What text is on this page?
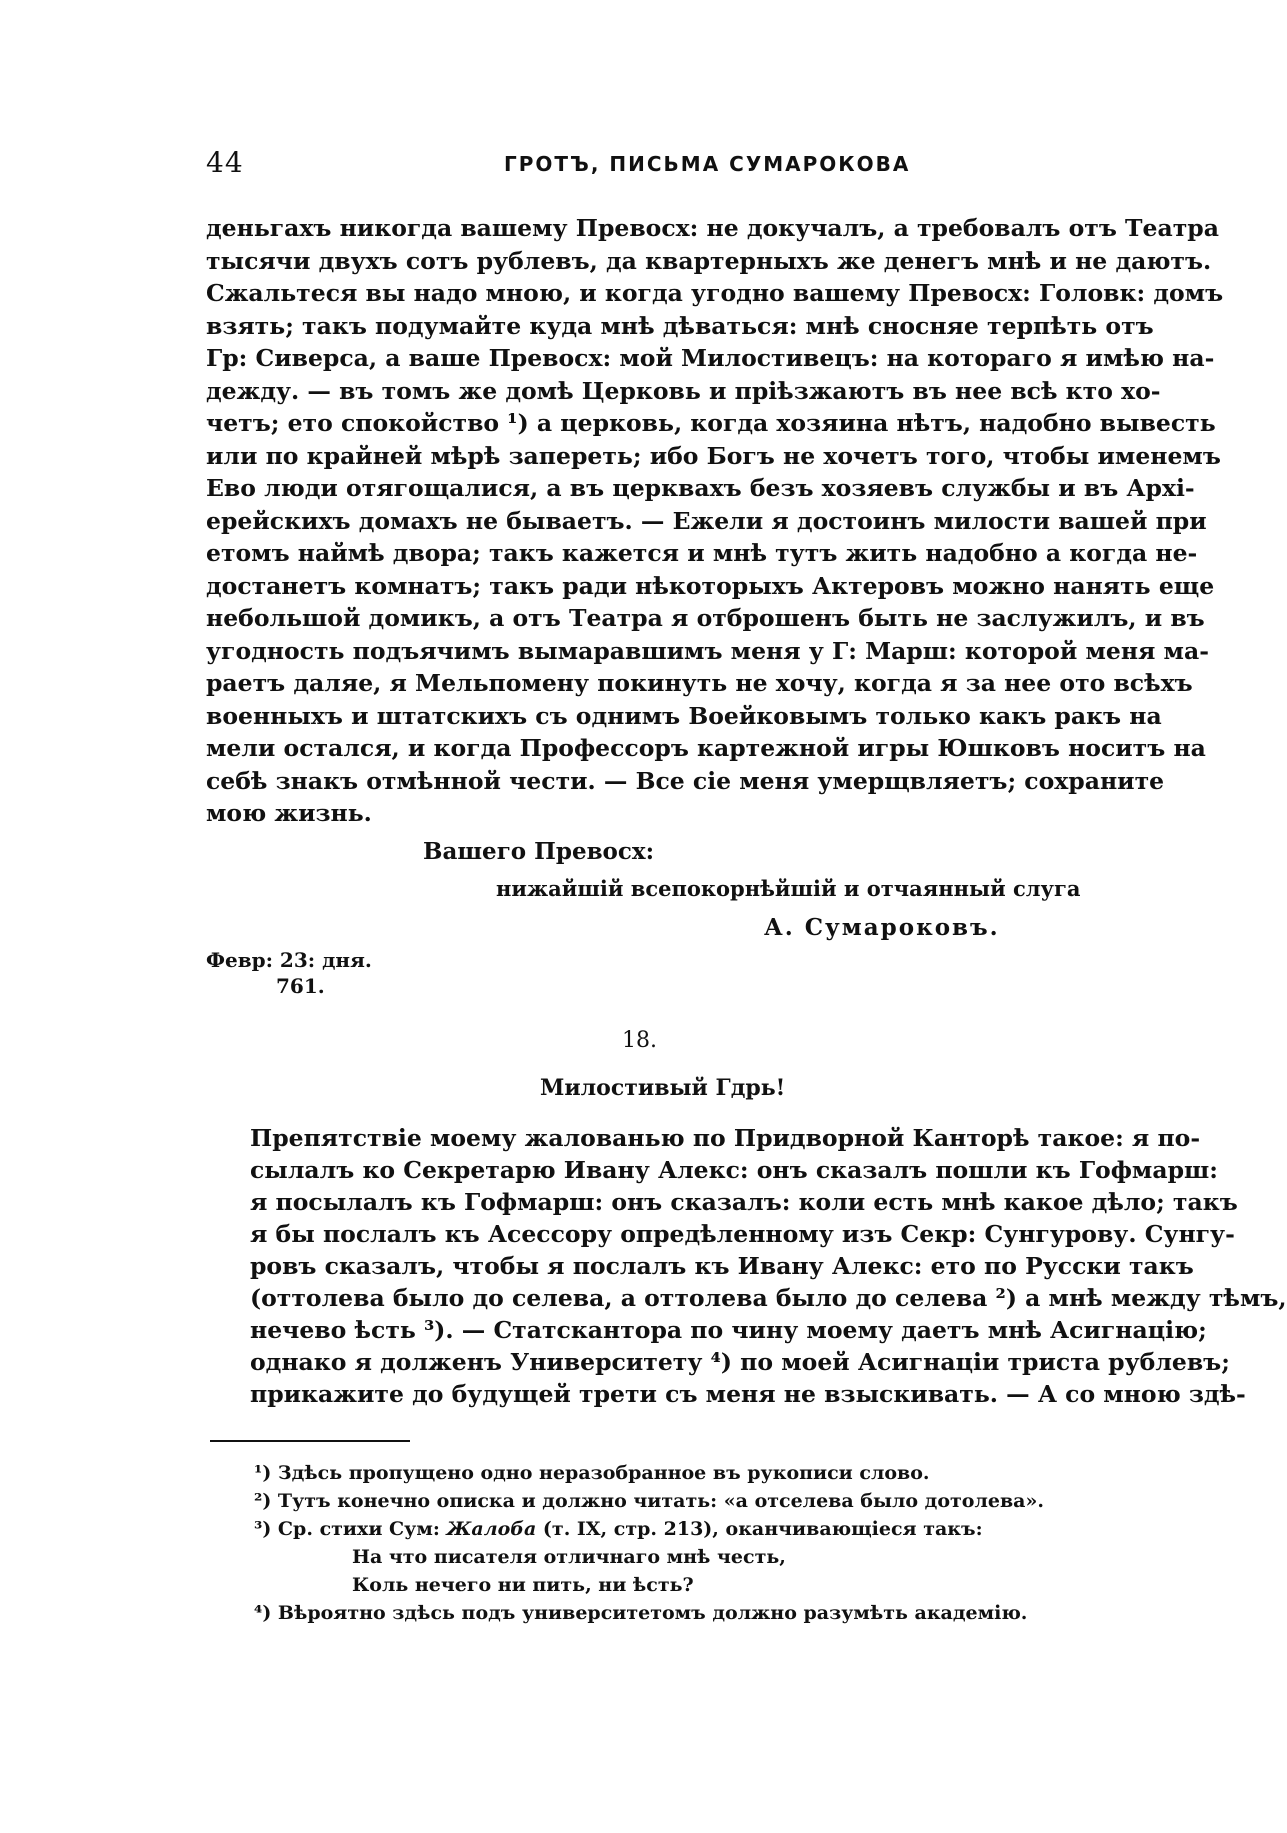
44	ГРОТЪ, ПИСЬМА СУМАРОКОВА
деньгахъ никогда вашему Превосх: не докучалъ, а требовалъ отъ Театра
тысячи двухъ сотъ рублевъ, да квартерныхъ же денегъ мнѣ и не даютъ.
Сжальтеся вы надо мною, и когда угодно вашему Превосх: Головк: домъ
взять; такъ подумайте куда мнѣ дѣваться: мнѣ сносняе терпѣть отъ
Гр: Сиверса, а ваше Превосх: мой Милостивецъ: на котораго я имѣю на-
дежду. — въ томъ же домѣ Церковь и прiѣзжаютъ въ нее всѣ кто хо-
четъ; ето спокойство ¹) а церковь, когда хозяина нѣтъ, надобно вывесть
или по крайней мѣрѣ запереть; ибо Богъ не хочетъ того, чтобы именемъ
Ево люди отягощалися, а въ церквахъ безъ хозяевъ службы и въ Архi-
ерейскихъ домахъ не бываетъ. — Ежели я достоинъ милости вашей при
етомъ наймѣ двора; такъ кажется и мнѣ тутъ жить надобно а когда не-
достанетъ комнатъ; такъ ради нѣкоторыхъ Актеровъ можно нанять еще
небольшой домикъ, а отъ Театра я отброшенъ быть не заслужилъ, и въ
угодность подъячимъ вымаравшимъ меня у Г: Марш: которой меня ма-
раетъ даляе, я Мельпомену покинуть не хочу, когда я за нее ото всѣхъ
военныхъ и штатскихъ съ однимъ Воейковымъ только какъ ракъ на
мели остался, и когда Профессоръ картежной игры Юшковъ носитъ на
себѣ знакъ отмѣнной чести. — Все сiе меня умерщвляетъ; сохраните
мою жизнь.
Вашего Превосх:
нижайшiй всепокорнѣйшiй и отчаянный слуга
А. Сумароковъ.
Февр: 23: дня.
761.
18.
Милостивый Гдрь!
Препятствiе моему жалованью по Придворной Канторѣ такое: я по-
сылалъ ко Секретарю Ивану Алекс: онъ сказалъ пошли къ Гофмарш:
я посылалъ къ Гофмарш: онъ сказалъ: коли есть мнѣ какое дѣло; такъ
я бы послалъ къ Асессору опредѣленному изъ Секр: Сунгурову. Сунгу-
ровъ сказалъ, чтобы я послалъ къ Ивану Алекс: ето по Русски такъ
(оттолева было до селева, а оттолева было до селева ²) а мнѣ между тѣмъ,
нечево ѣсть ³). — Статскантора по чину моему даетъ мнѣ Асигнацiю;
однако я долженъ Университету ⁴) по моей Асигнацiи триста рублевъ;
прикажите до будущей трети съ меня не взыскивать. — А со мною здѣ-
¹) Здѣсь пропущено одно неразобранное въ рукописи слово.
²) Тутъ конечно описка и должно читать: «а отселева было дотолева».
³) Ср. стихи Сум: Жалоба (т. IX, стр. 213), оканчивающiеся такъ:
На что писателя отличнаго мнѣ честь,
Коль нечего ни пить, ни ѣсть?
⁴) Вѣроятно здѣсь подъ университетомъ должно разумѣть академiю.
